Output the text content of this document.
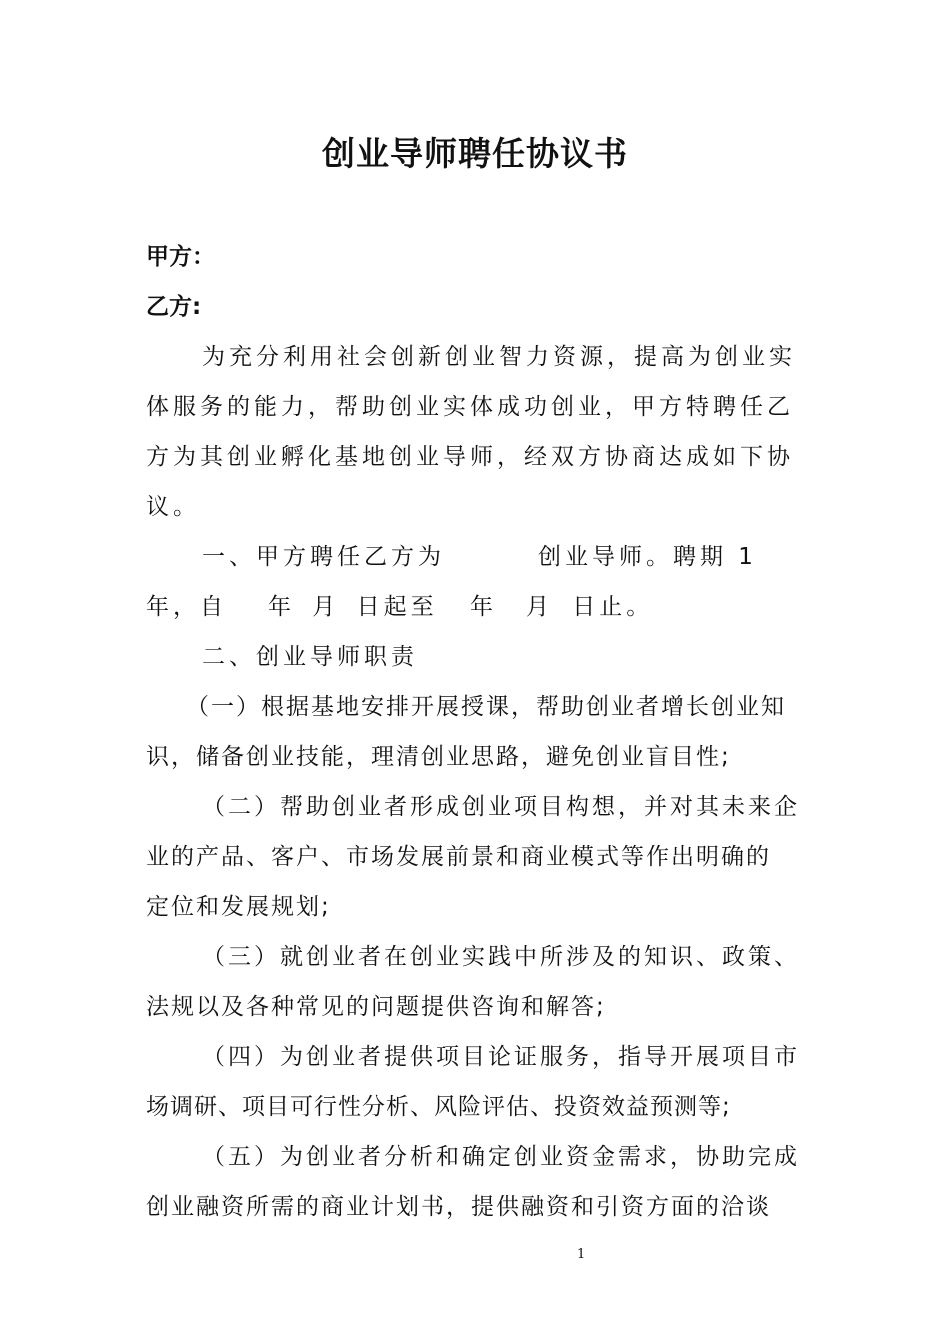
创业导师聘任协议书
甲方：
乙方:
为充分利用社会创新创业智力资源，提高为创业实
体服务的能力，帮助创业实体成功创业，甲方特聘任乙
方为其创业孵化基地创业导师，经双方协商达成如下协
议。
一、甲方聘任乙方为	创业导师。聘期 1
年，自 年 月 日起至 年 月 日止。
二、创业导师职责
（一）根据基地安排开展授课，帮助创业者增长创业知
识，储备创业技能，理清创业思路，避免创业盲目性;
（二）帮助创业者形成创业项目构想，并对其未来企
业的产品、客户、市场发展前景和商业模式等作出明确的
定位和发展规划;
（三）就创业者在创业实践中所涉及的知识、政策、
法规以及各种常见的问题提供咨询和解答;
（四）为创业者提供项目论证服务，指导开展项目市
场调研、项目可行性分析、风险评估、投资效益预测等;
（五）为创业者分析和确定创业资金需求，协助完成
创业融资所需的商业计划书，提供融资和引资方面的洽谈
1
